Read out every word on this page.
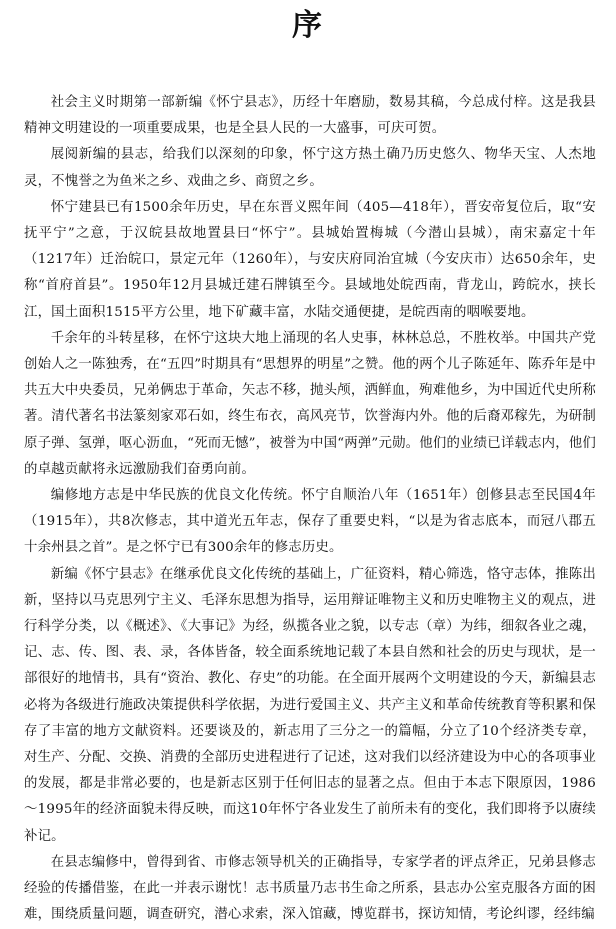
序

社会主义时期第一部新编《怀宁县志》，历经十年磨励，数易其稿，今总成付梓。这是我县精神文明建设的一项重要成果，也是全县人民的一大盛事，可庆可贺。

展阅新编的县志，给我们以深刻的印象，怀宁这方热土确乃历史悠久、物华天宝、人杰地灵，不愧誉之为鱼米之乡、戏曲之乡、商贸之乡。

怀宁建县已有1500余年历史，早在东晋义熙年间（405—418年），晋安帝复位后，取“安抚平宁”之意，于汉皖县故地置县曰“怀宁”。县城始置梅城（今潜山县城），南宋嘉定十年（1217年）迁治皖口，景定元年（1260年），与安庆府同治宜城（今安庆市）达650余年，史称“首府首县”。1950年12月县城迁建石牌镇至今。县域地处皖西南，背龙山，跨皖水，挟长江，国土面积1515平方公里，地下矿藏丰富，水陆交通便捷，是皖西南的咽喉要地。

千余年的斗转星移，在怀宁这块大地上涌现的名人史事，林林总总，不胜枚举。中国共产党创始人之一陈独秀，在“五四”时期具有“思想界的明星”之赞。他的两个儿子陈延年、陈乔年是中共五大中央委员，兄弟俩忠于革命，矢志不移，抛头颅，洒鲜血，殉难他乡，为中国近代史所称著。清代著名书法篆刻家邓石如，终生布衣，高风亮节，饮誉海内外。他的后裔邓稼先，为研制原子弹、氢弹，呕心沥血，“死而无憾”，被誉为中国“两弹”元勋。他们的业绩已详载志内，他们的卓越贡献将永远激励我们奋勇向前。

编修地方志是中华民族的优良文化传统。怀宁自顺治八年（1651年）创修县志至民国4年（1915年），共8次修志，其中道光五年志，保存了重要史料，“以是为省志底本，而冠八郡五十余州县之首”。是之怀宁已有300余年的修志历史。

新编《怀宁县志》在继承优良文化传统的基础上，广征资料，精心筛选，恪守志体，推陈出新，坚持以马克思列宁主义、毛泽东思想为指导，运用辩证唯物主义和历史唯物主义的观点，进行科学分类，以《概述》、《大事记》为经，纵揽各业之貌，以专志（章）为纬，细叙各业之魂，记、志、传、图、表、录，各体皆备，较全面系统地记载了本县自然和社会的历史与现状，是一部很好的地情书，具有“资治、教化、存史”的功能。在全面开展两个文明建设的今天，新编县志必将为各级进行施政决策提供科学依据，为进行爱国主义、共产主义和革命传统教育等积累和保存了丰富的地方文献资料。还要谈及的，新志用了三分之一的篇幅，分立了10个经济类专章，对生产、分配、交换、消费的全部历史进程进行了记述，这对我们以经济建设为中心的各项事业的发展，都是非常必要的，也是新志区别于任何旧志的显著之点。但由于本志下限原因，1986～1995年的经济面貌未得反映，而这10年怀宁各业发生了前所未有的变化，我们即将予以赓续补记。

在县志编修中，曾得到省、市修志领导机关的正确指导，专家学者的评点斧正，兄弟县修志经验的传播借鉴，在此一并表示谢忱！志书质量乃志书生命之所系，县志办公室克服各方面的困难，围绕质量问题，调查研究，潜心求索，深入馆藏，博览群书，探访知情，考论纠谬，经纬编
